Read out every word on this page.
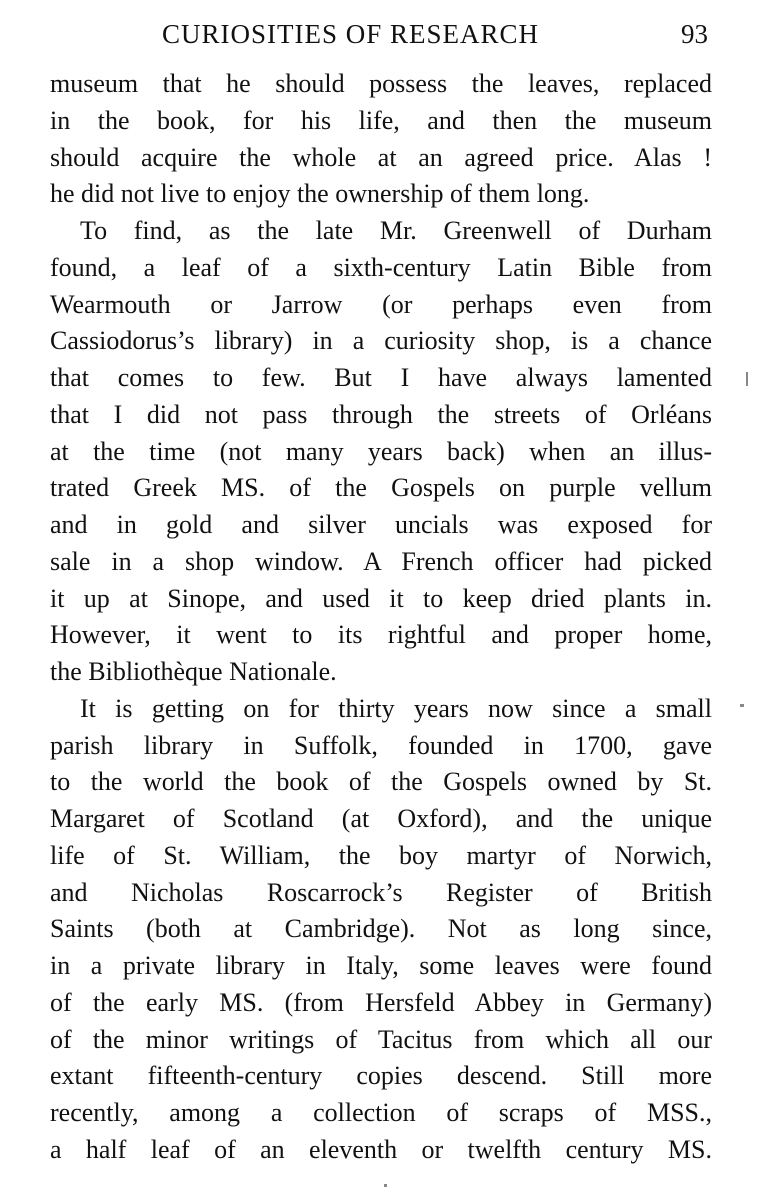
CURIOSITIES OF RESEARCH	93
museum that he should possess the leaves, replaced
in the book, for his life, and then the museum
should acquire the whole at an agreed price. Alas !
he did not live to enjoy the ownership of them long.
To find, as the late Mr. Greenwell of Durham
found, a leaf of a sixth-century Latin Bible from
Wearmouth or Jarrow (or perhaps even from
Cassiodorus’s library) in a curiosity shop, is a chance
that comes to few. But I have always lamented
that I did not pass through the streets of Orléans
at the time (not many years back) when an illus-
trated Greek MS. of the Gospels on purple vellum
and in gold and silver uncials was exposed for
sale in a shop window. A French officer had picked
it up at Sinope, and used it to keep dried plants in.
However, it went to its rightful and proper home,
the Bibliothèque Nationale.
It is getting on for thirty years now since a small
parish library in Suffolk, founded in 1700, gave
to the world the book of the Gospels owned by St.
Margaret of Scotland (at Oxford), and the unique
life of St. William, the boy martyr of Norwich,
and Nicholas Roscarrock’s Register of British
Saints (both at Cambridge). Not as long since,
in a private library in Italy, some leaves were found
of the early MS. (from Hersfeld Abbey in Germany)
of the minor writings of Tacitus from which all our
extant fifteenth-century copies descend. Still more
recently, among a collection of scraps of MSS.,
a half leaf of an eleventh or twelfth century MS.
